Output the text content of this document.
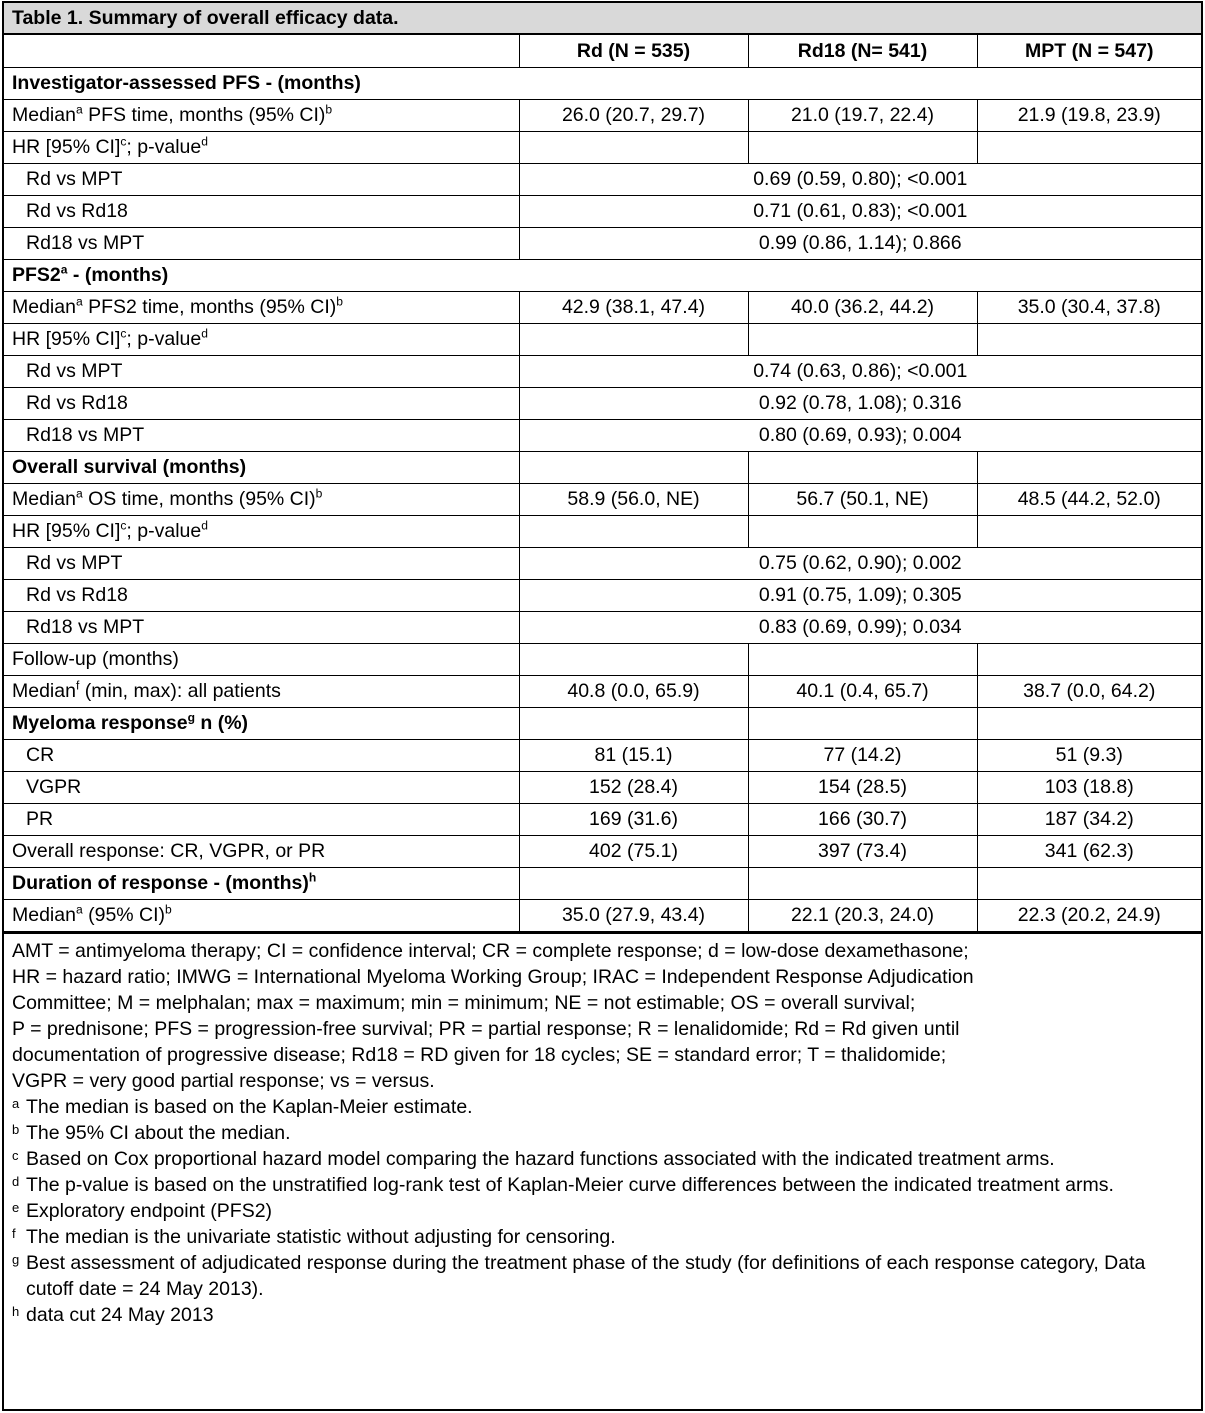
Table 1. Summary of overall efficacy data.
	Rd (N = 535)	Rd18 (N= 541)	MPT (N = 547)
Investigator-assessed PFS - (months)			
Median$^a$ PFS time, months (95% CI)$^b$	26.0 (20.7, 29.7)	21.0 (19.7, 22.4)	21.9 (19.8, 23.9)
HR [95% CI]$^c$; p-value$^d$			
Rd vs MPT	0.69 (0.59, 0.80); <0.001		
Rd vs Rd18	0.71 (0.61, 0.83); <0.001		
Rd18 vs MPT	0.99 (0.86, 1.14); 0.866		
PFS2$^a$ - (months)			
Median$^a$ PFS2 time, months (95% CI)$^b$	42.9 (38.1, 47.4)	40.0 (36.2, 44.2)	35.0 (30.4, 37.8)
HR [95% CI]$^c$; p-value$^d$			
Rd vs MPT	0.74 (0.63, 0.86); <0.001		
Rd vs Rd18	0.92 (0.78, 1.08); 0.316		
Rd18 vs MPT	0.80 (0.69, 0.93); 0.004		
Overall survival (months)			
Median$^a$ OS time, months (95% CI)$^b$	58.9 (56.0, NE)	56.7 (50.1, NE)	48.5 (44.2, 52.0)
HR [95% CI]$^c$; p-value$^d$			
Rd vs MPT	0.75 (0.62, 0.90); 0.002		
Rd vs Rd18	0.91 (0.75, 1.09); 0.305		
Rd18 vs MPT	0.83 (0.69, 0.99); 0.034		
Follow-up (months)			
Median$^f$ (min, max): all patients	40.8 (0.0, 65.9)	40.1 (0.4, 65.7)	38.7 (0.0, 64.2)
Myeloma response$^g$ n (%)			
CR	81 (15.1)	77 (14.2)	51 (9.3)
VGPR	152 (28.4)	154 (28.5)	103 (18.8)
PR	169 (31.6)	166 (30.7)	187 (34.2)
Overall response: CR, VGPR, or PR	402 (75.1)	397 (73.4)	341 (62.3)
Duration of response - (months)$^h$			
Median$^a$ (95% CI)$^b$	35.0 (27.9, 43.4)	22.1 (20.3, 24.0)	22.3 (20.2, 24.9)
AMT = antimyeloma therapy; CI = confidence interval; CR = complete response; d = low-dose dexamethasone;
HR = hazard ratio; IMWG = International Myeloma Working Group; IRAC = Independent Response Adjudication
Committee; M = melphalan; max = maximum; min = minimum; NE = not estimable; OS = overall survival;
P = prednisone; PFS = progression-free survival; PR = partial response; R = lenalidomide; Rd = Rd given until
documentation of progressive disease; Rd18 = RD given for 18 cycles; SE = standard error; T = thalidomide;
VGPR = very good partial response; vs = versus.
a The median is based on the Kaplan-Meier estimate.
b The 95% CI about the median.
c Based on Cox proportional hazard model comparing the hazard functions associated with the indicated treatment arms.
d The p-value is based on the unstratified log-rank test of Kaplan-Meier curve differences between the indicated treatment arms.
e Exploratory endpoint (PFS2)
f The median is the univariate statistic without adjusting for censoring.
g Best assessment of adjudicated response during the treatment phase of the study (for definitions of each response category, Data cutoff date = 24 May 2013).
h data cut 24 May 2013
